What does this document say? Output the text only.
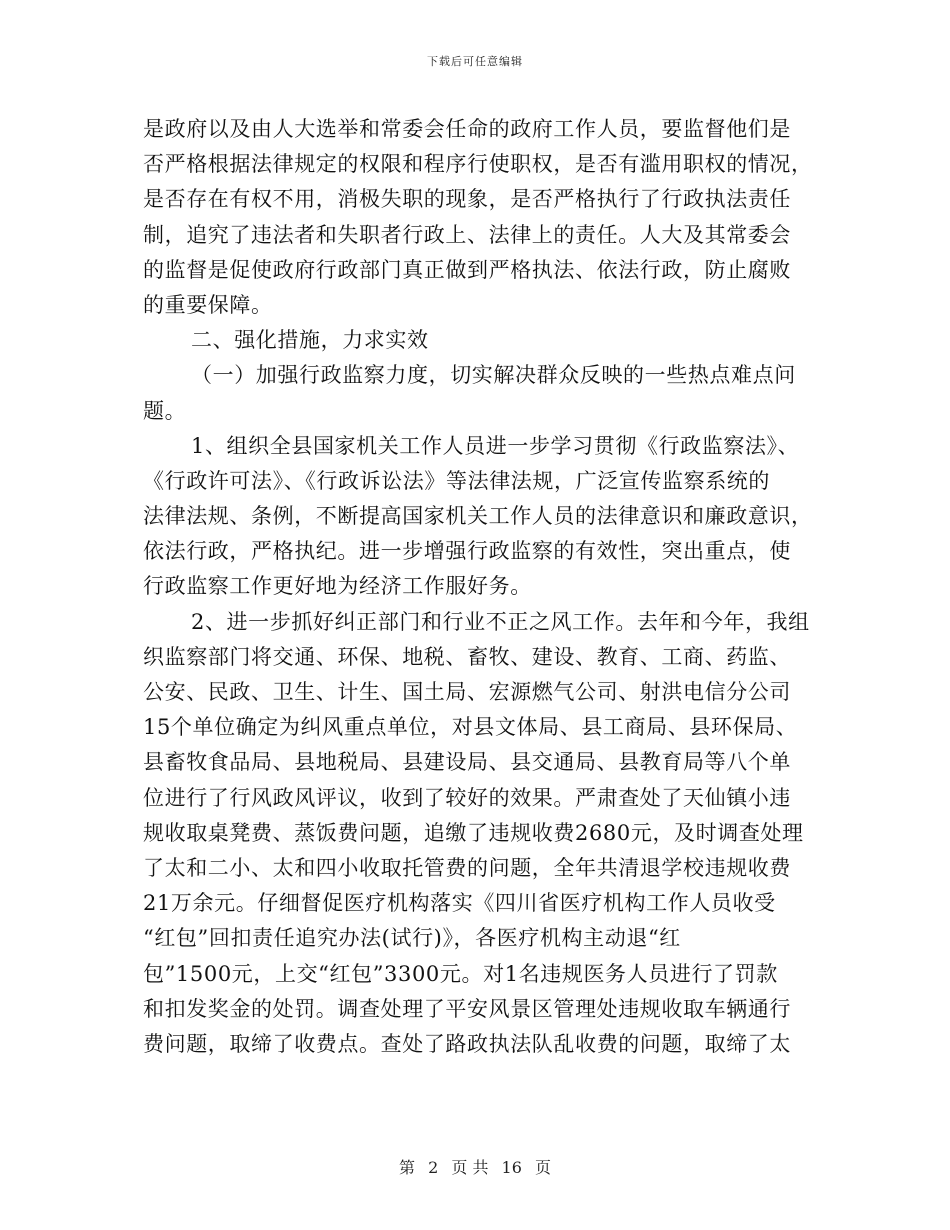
下载后可任意编辑
是政府以及由人大选举和常委会任命的政府工作人员，要监督他们是
否严格根据法律规定的权限和程序行使职权，是否有滥用职权的情况，
是否存在有权不用，消极失职的现象，是否严格执行了行政执法责任
制，追究了违法者和失职者行政上、法律上的责任。人大及其常委会
的监督是促使政府行政部门真正做到严格执法、依法行政，防止腐败
的重要保障。
二、强化措施，力求实效
（一）加强行政监察力度，切实解决群众反映的一些热点难点问
题。
1、组织全县国家机关工作人员进一步学习贯彻《行政监察法》、
《行政许可法》、《行政诉讼法》等法律法规，广泛宣传监察系统的
法律法规、条例，不断提高国家机关工作人员的法律意识和廉政意识，
依法行政，严格执纪。进一步增强行政监察的有效性，突出重点，使
行政监察工作更好地为经济工作服好务。
2、进一步抓好纠正部门和行业不正之风工作。去年和今年，我组
织监察部门将交通、环保、地税、畜牧、建设、教育、工商、药监、
公安、民政、卫生、计生、国土局、宏源燃气公司、射洪电信分公司
15个单位确定为纠风重点单位，对县文体局、县工商局、县环保局、
县畜牧食品局、县地税局、县建设局、县交通局、县教育局等八个单
位进行了行风政风评议，收到了较好的效果。严肃查处了天仙镇小违
规收取桌凳费、蒸饭费问题，追缴了违规收费2680元，及时调查处理
了太和二小、太和四小收取托管费的问题，全年共清退学校违规收费
21万余元。仔细督促医疗机构落实《四川省医疗机构工作人员收受
“红包”回扣责任追究办法(试行)》，各医疗机构主动退“红
包”1500元，上交“红包”3300元。对1名违规医务人员进行了罚款
和扣发奖金的处罚。调查处理了平安风景区管理处违规收取车辆通行
费问题，取缔了收费点。查处了路政执法队乱收费的问题，取缔了太
第 2 页 共 16 页
